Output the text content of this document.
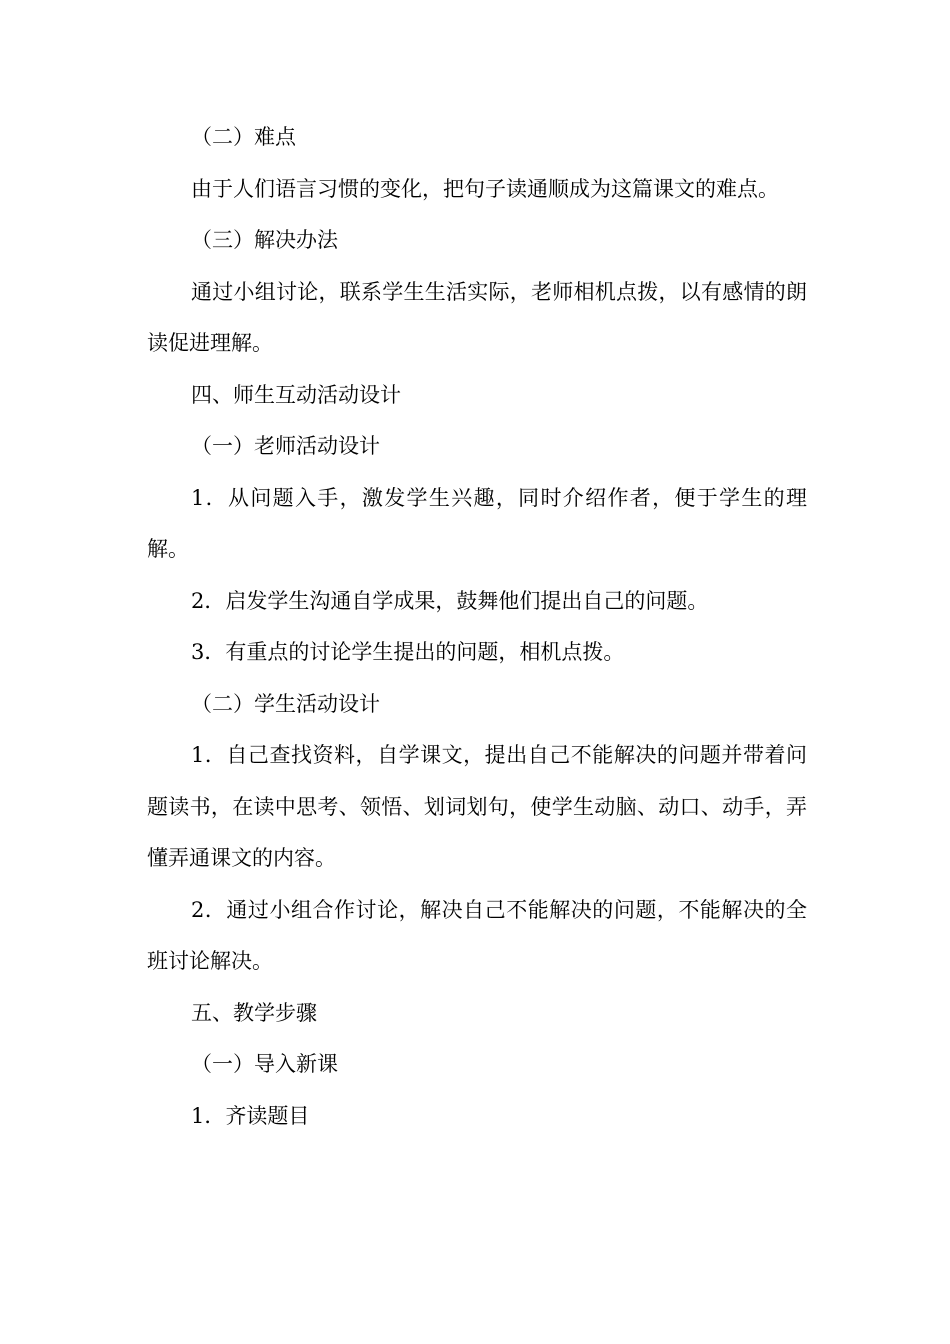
（二）难点

由于人们语言习惯的变化，把句子读通顺成为这篇课文的难点。

（三）解决办法

通过小组讨论，联系学生生活实际，老师相机点拨，以有感情的朗读促进理解。

四、师生互动活动设计

（一）老师活动设计

1．从问题入手，激发学生兴趣，同时介绍作者，便于学生的理解。

2．启发学生沟通自学成果，鼓舞他们提出自己的问题。

3．有重点的讨论学生提出的问题，相机点拨。

（二）学生活动设计

1．自己查找资料，自学课文，提出自己不能解决的问题并带着问题读书，在读中思考、领悟、划词划句，使学生动脑、动口、动手，弄懂弄通课文的内容。

2．通过小组合作讨论，解决自己不能解决的问题，不能解决的全班讨论解决。

五、教学步骤

（一）导入新课

1．齐读题目
